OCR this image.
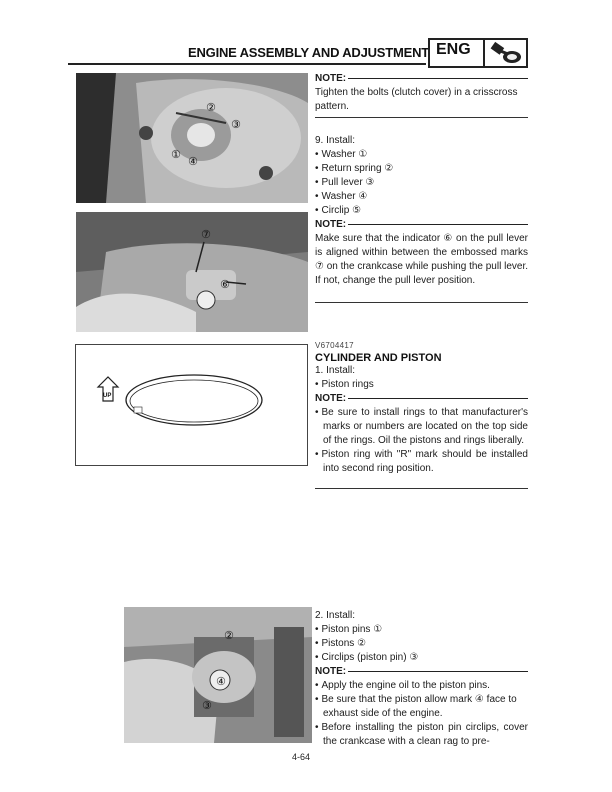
ENGINE ASSEMBLY AND ADJUSTMENT ENG
②
③
①
④
⑦
⑥
UP
②
④
③
NOTE:
Tighten the bolts (clutch cover) in a crisscross pattern.
9. Install:
• Washer ①
• Return spring ②
• Pull lever ③
• Washer ④
• Circlip ⑤
NOTE:
Make sure that the indicator ⑥ on the pull lever is aligned within between the embossed marks ⑦ on the crankcase while pushing the pull lever. If not, change the pull lever position.
V6704417
CYLINDER AND PISTON
1. Install:
• Piston rings
NOTE:
• Be sure to install rings to that manufacturer's marks or numbers are located on the top side of the rings. Oil the pistons and rings liberally.
• Piston ring with "R" mark should be installed into second ring position.
2. Install:
• Piston pins ①
• Pistons ②
• Circlips (piston pin) ③
NOTE:
• Apply the engine oil to the piston pins.
• Be sure that the piston allow mark ④ face to exhaust side of the engine.
• Before installing the piston pin circlips, cover the crankcase with a clean rag to pre-
4-64
